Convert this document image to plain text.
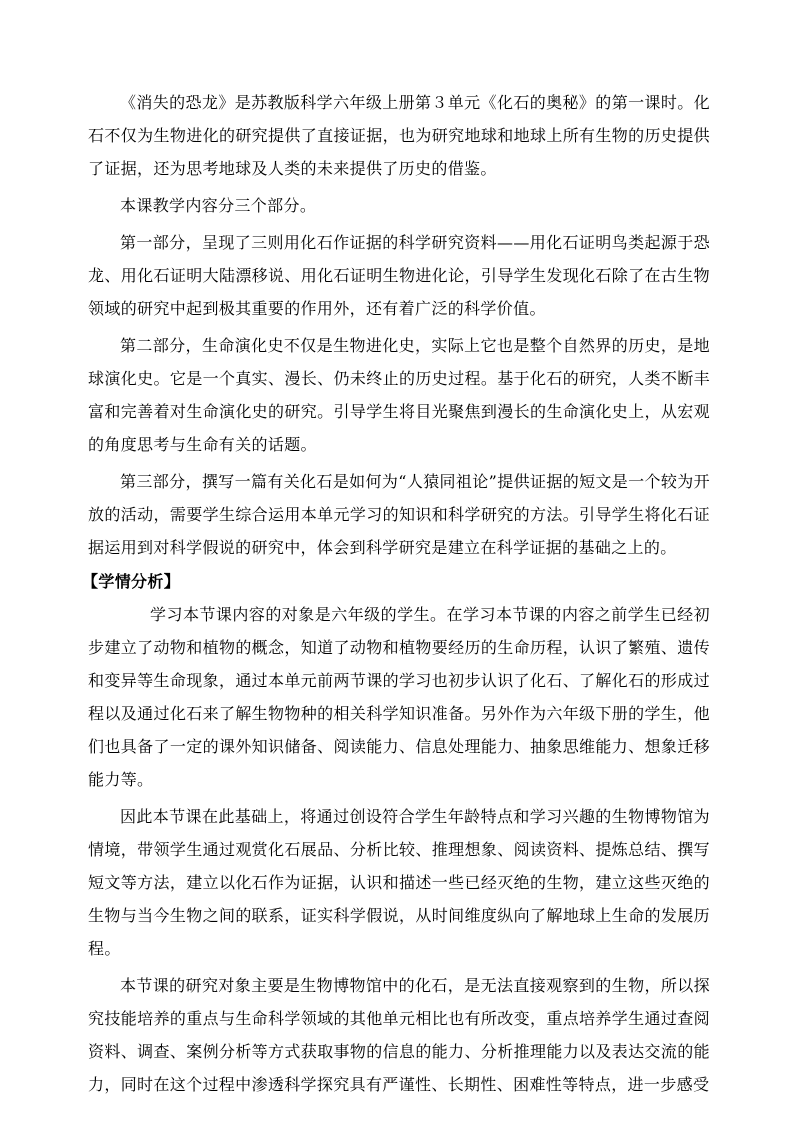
《消失的恐龙》是苏教版科学六年级上册第３单元《化石的奥秘》的第一课时。化石不仅为生物进化的研究提供了直接证据，也为研究地球和地球上所有生物的历史提供了证据，还为思考地球及人类的未来提供了历史的借鉴。

本课教学内容分三个部分。

第一部分，呈现了三则用化石作证据的科学研究资料——用化石证明鸟类起源于恐龙、用化石证明大陆漂移说、用化石证明生物进化论，引导学生发现化石除了在古生物领域的研究中起到极其重要的作用外，还有着广泛的科学价值。

第二部分，生命演化史不仅是生物进化史，实际上它也是整个自然界的历史，是地球演化史。它是一个真实、漫长、仍未终止的历史过程。基于化石的研究，人类不断丰富和完善着对生命演化史的研究。引导学生将目光聚焦到漫长的生命演化史上，从宏观的角度思考与生命有关的话题。

第三部分，撰写一篇有关化石是如何为“人猿同祖论”提供证据的短文是一个较为开放的活动，需要学生综合运用本单元学习的知识和科学研究的方法。引导学生将化石证据运用到对科学假说的研究中，体会到科学研究是建立在科学证据的基础之上的。

【学情分析】

学习本节课内容的对象是六年级的学生。在学习本节课的内容之前学生已经初步建立了动物和植物的概念，知道了动物和植物要经历的生命历程，认识了繁殖、遗传和变异等生命现象，通过本单元前两节课的学习也初步认识了化石、了解化石的形成过程以及通过化石来了解生物物种的相关科学知识准备。另外作为六年级下册的学生，他们也具备了一定的课外知识储备、阅读能力、信息处理能力、抽象思维能力、想象迁移能力等。

因此本节课在此基础上，将通过创设符合学生年龄特点和学习兴趣的生物博物馆为情境，带领学生通过观赏化石展品、分析比较、推理想象、阅读资料、提炼总结、撰写短文等方法，建立以化石作为证据，认识和描述一些已经灭绝的生物，建立这些灭绝的生物与当今生物之间的联系，证实科学假说，从时间维度纵向了解地球上生命的发展历程。

本节课的研究对象主要是生物博物馆中的化石，是无法直接观察到的生物，所以探究技能培养的重点与生命科学领域的其他单元相比也有所改变，重点培养学生通过查阅资料、调查、案例分析等方式获取事物的信息的能力、分析推理能力以及表达交流的能力，同时在这个过程中渗透科学探究具有严谨性、长期性、困难性等特点，进一步感受
